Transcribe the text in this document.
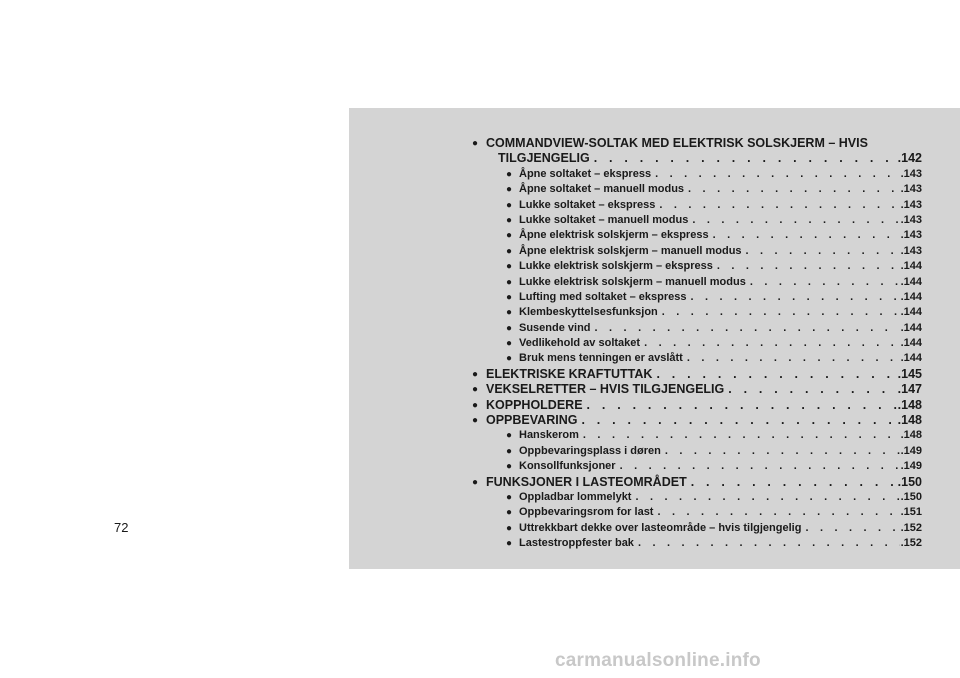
● COMMANDVIEW-SOLTAK MED ELEKTRISK SOLSKJERM – HVIS
TILGJENGELIG . . .	.142
● Åpne soltaket – ekspress . . .	.143
● Åpne soltaket – manuell modus . . .	.143
● Lukke soltaket – ekspress . . .	.143
● Lukke soltaket – manuell modus . . .	.143
● Åpne elektrisk solskjerm – ekspress . . .	.143
● Åpne elektrisk solskjerm – manuell modus . . .	.143
● Lukke elektrisk solskjerm – ekspress . . .	.144
● Lukke elektrisk solskjerm – manuell modus . . .	.144
● Lufting med soltaket – ekspress . . .	.144
● Klembeskyttelsesfunksjon . . .	.144
● Susende vind . . .	.144
● Vedlikehold av soltaket . . .	.144
● Bruk mens tenningen er avslått . . .	.144
● ELEKTRISKE KRAFTUTTAK . . .	.145
● VEKSELRETTER – HVIS TILGJENGELIG . . .	.147
● KOPPHOLDERE . . .	.148
● OPPBEVARING . . .	.148
● Hanskerom . . .	.148
● Oppbevaringsplass i døren . . .	.149
● Konsollfunksjoner . . .	.149
● FUNKSJONER I LASTEOMRÅDET . . .	.150
● Oppladbar lommelykt . . .	.150
● Oppbevaringsrom for last . . .	.151
● Uttrekkbart dekke over lasteområde – hvis tilgjengelig . . .	.152
● Lastestroppfester bak . . .	.152
72
carmanualsonline.info
